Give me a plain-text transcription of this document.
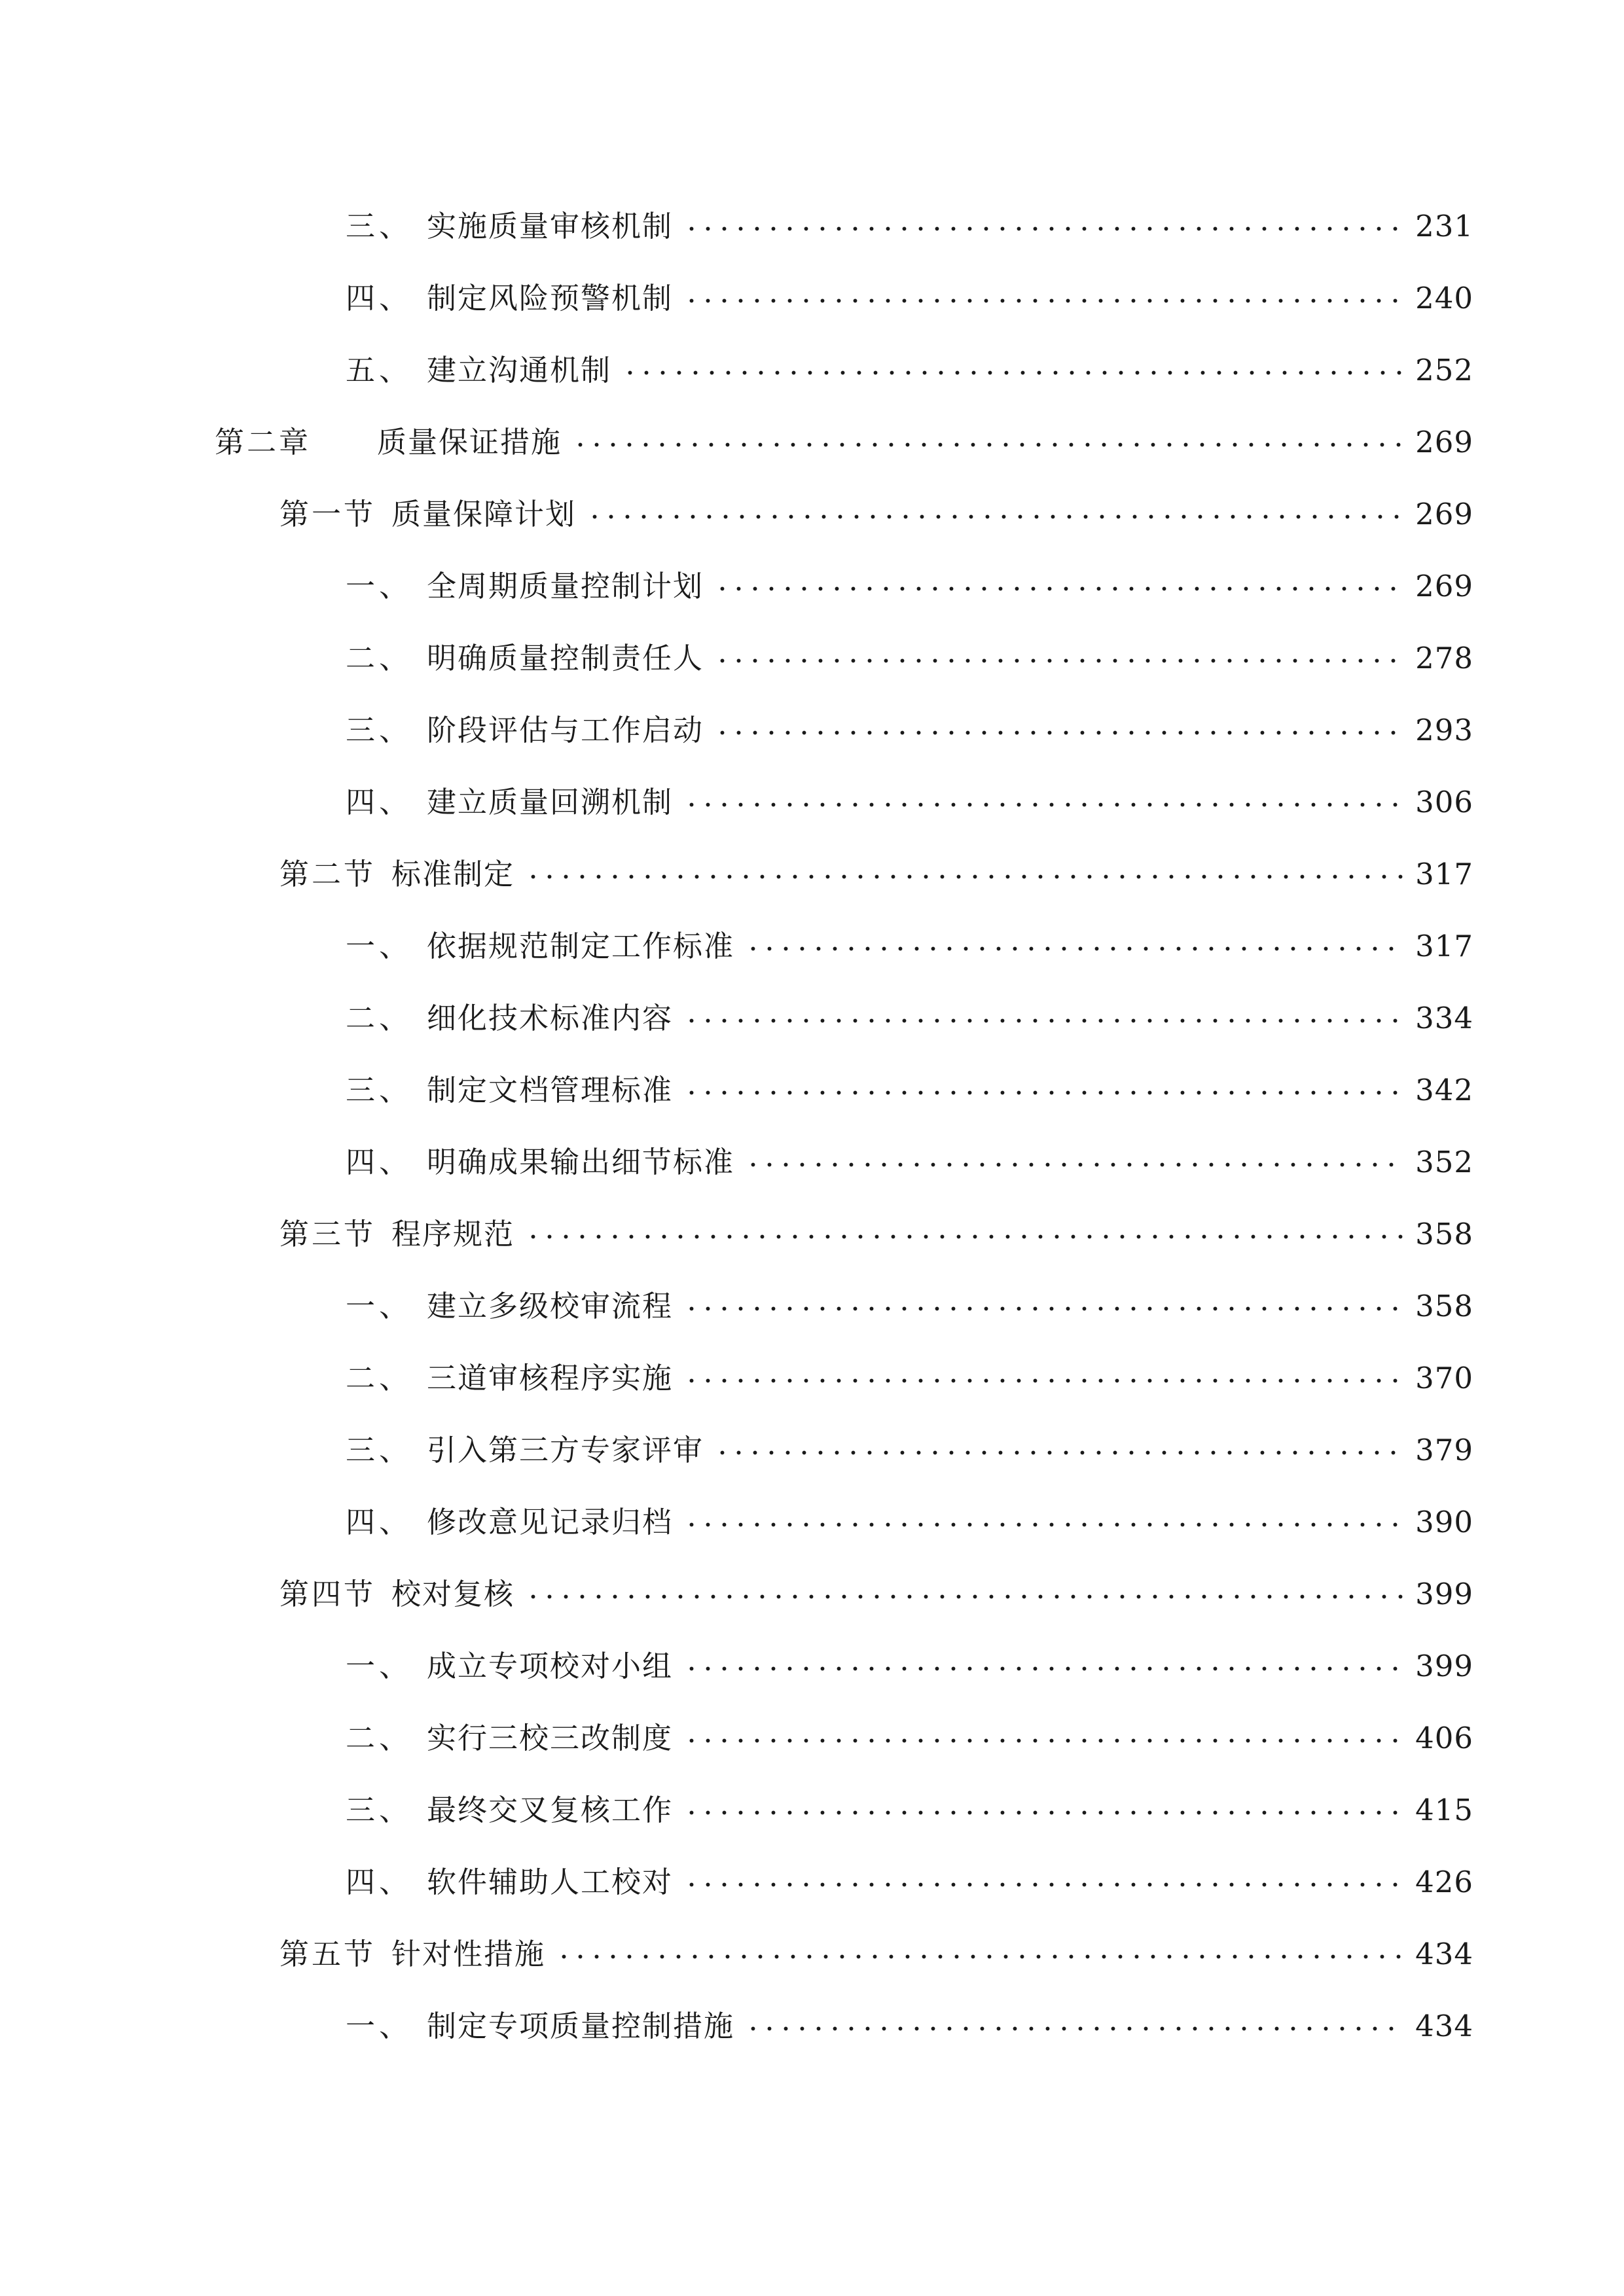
三、 实施质量审核机制	231
四、 制定风险预警机制	240
五、 建立沟通机制	252
第二章	质量保证措施	269
第一节 质量保障计划	269
一、 全周期质量控制计划	269
二、 明确质量控制责任人	278
三、 阶段评估与工作启动	293
四、 建立质量回溯机制	306
第二节 标准制定	317
一、 依据规范制定工作标准	317
二、 细化技术标准内容	334
三、 制定文档管理标准	342
四、 明确成果输出细节标准	352
第三节 程序规范	358
一、 建立多级校审流程	358
二、 三道审核程序实施	370
三、 引入第三方专家评审	379
四、 修改意见记录归档	390
第四节 校对复核	399
一、 成立专项校对小组	399
二、 实行三校三改制度	406
三、 最终交叉复核工作	415
四、 软件辅助人工校对	426
第五节 针对性措施	434
一、 制定专项质量控制措施	434
